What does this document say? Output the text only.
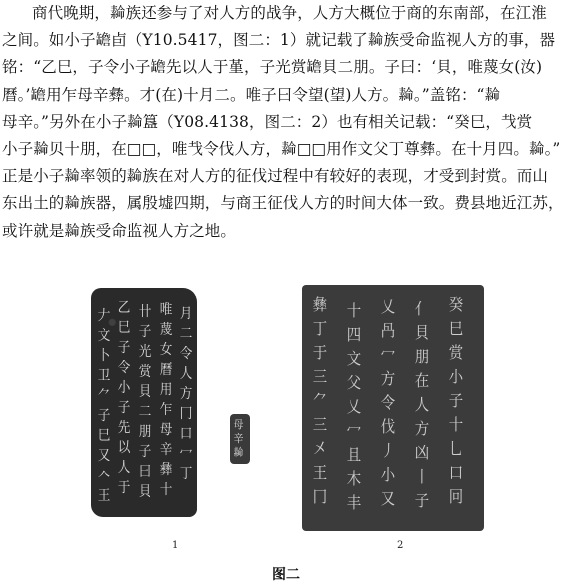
商代晚期，𦅫族还参与了对人方的战争，人方大概位于商的东南部，在江淮
之间。如小子𦉜卣（Y10.5417，图二：1）就记载了𦅫族受命监视人方的事，器
铭：“乙巳，子令小子𦉜先以人于堇，子光赏𦉜貝二朋。子曰：‘貝，唯蔑女(汝)
曆。’𦉜用乍母辛彝。才(在)十月二。唯子曰令望(望)人方。𦅫。”盖铭：“𦅫
母辛。”另外在小子𦅫簋（Y08.4138，图二：2）也有相关记载：“癸巳，𢦏赏
小子𦅫贝十朋，在□□，唯𢦏令伐人方，𦅫□□用作文父丁尊彝。在十月四。𦅫。”
正是小子𦅫率领的𦅫族在对人方的征伐过程中有较好的表现，才受到封赏。而山
东出土的𦅫族器，属殷墟四期，与商王征伐人方的时间大体一致。费县地近江苏，
或许就是𦅫族受命监视人方之地。
𠂇
文
卜
卫
⺈
子
巳
又
𠆢
王
乙
巳
子
令
小
子
先
以
人
于
卄
子
光
赏
貝
二
朋
子
曰
貝
唯
蔑
女
曆
用
乍
母
辛
彝
十
月
二
令
人
方
冂
口
冖
丁
母
辛
𦅫
彝
丁
于
三
⺈
三
㐅
王
冂
十
四
文
父
乂
冖
且
木
丰
乂
冎
冖
方
令
伐
丿
小
又
亻
貝
朋
在
人
方
凶
丨
子
癸
巳
赏
小
子
十
乚
口
冋
1	2
图二
